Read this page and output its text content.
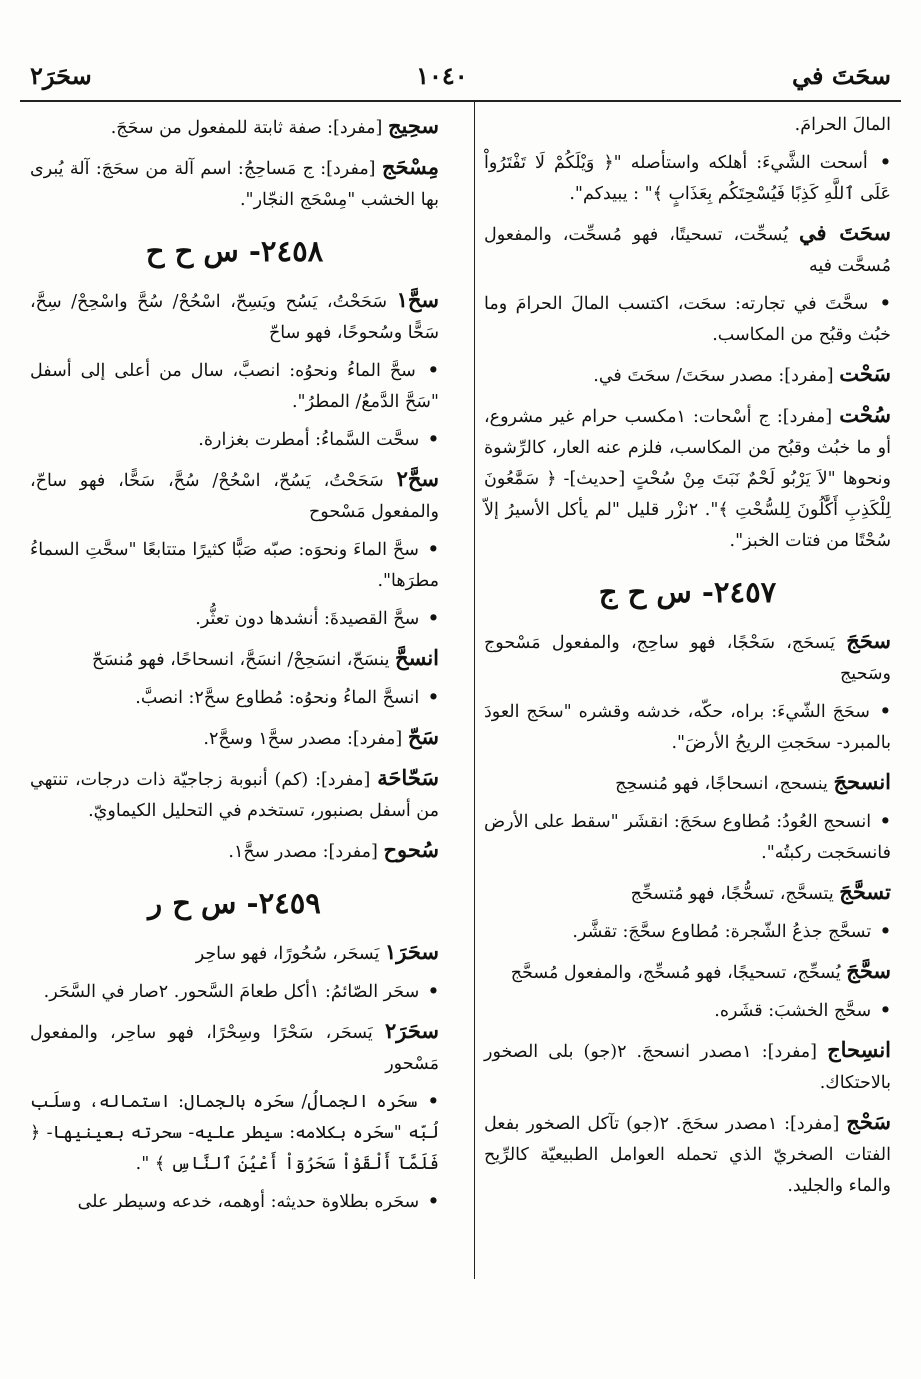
سحَرَ٢	١٠٤٠	سحَتَ في

المالَ الحرامَ.

• أسحت الشَّيءَ: أهلكه واستأصله "﴿ وَيْلَكُمْ لَا تَفْتَرُواْ عَلَى ٱللَّهِ كَذِبًا فَيُسْحِتَكُم بِعَذَابٍ ﴾" : يبيدكم".

سحَتَ في يُسحِّت، تسحيتًا، فهو مُسحِّت، والمفعول مُسحَّت فيه

• سحَّتَ في تجارته: سحَت، اكتسب المالَ الحرامَ وما خبُث وقبُح من المكاسب.

سَحْت [مفرد]: مصدر سحَتَ/ سحَتَ في.

سُحْت [مفرد]: ج أسْحات: ١مكسب حرام غير مشروع، أو ما خبُث وقبُح من المكاسب، فلزم عنه العار، كالرِّشوة ونحوها "لاَ يَرْبُو لَحْمٌ نَبَتَ مِنْ سُحْتٍ [حديث]- ﴿ سَمَّٰعُونَ لِلْكَذِبِ أَكَّٰلُونَ لِلسُّحْتِ ﴾". ٢نزْر قليل "لم يأكل الأسيرُ إلاّ سُحْتًا من فتات الخبز".

٢٤٥٧- س ح ج

سحَجَ يَسحَج، سَحْجًا، فهو ساحِج، والمفعول مَسْحوج وسَحيج

• سحَجَ الشّيءَ: براه، حكّه، خدشه وقشره "سحَج العودَ بالمبرد- سحَجتِ الريحُ الأرضَ".

انسحجَ ينسحج، انسحاجًا، فهو مُنسحِج

• انسحج العُودُ: مُطاوع سحَجَ: انقشَر "سقط على الأرض فانسحَجت ركبتُه".

تسحَّجَ يتسحَّج، تسحُّجًا، فهو مُتسحِّج

• تسحَّج جذعُ الشّجرة: مُطاوع سحَّجَ: تقشَّر.

سحَّجَ يُسحِّج، تسحيجًا، فهو مُسحِّج، والمفعول مُسحَّج

• سحَّج الخشبَ: قشَره.

انسِحاج [مفرد]: ١مصدر انسحجَ. ٢(جو) بلى الصخور بالاحتكاك.

سَحْج [مفرد]: ١مصدر سحَجَ. ٢(جو) تآكل الصخور بفعل الفتات الصخريّ الذي تحمله العوامل الطبيعيّة كالرِّيح والماء والجليد.

سحِيج [مفرد]: صفة ثابتة للمفعول من سحَجَ.

مِسْحَج [مفرد]: ج مَساحِجُ: اسم آلة من سحَجَ: آلة يُبرى بها الخشب "مِسْحَج النجّار".

٢٤٥٨- س ح ح

سحَّ١ سَحَحْتُ، يَسُح ويَسِحّ، اسْحُحْ/ سُحَّ واسْحِحْ/ سِحَّ، سَحًّا وسُحوحًا، فهو ساحّ

• سحَّ الماءُ ونحوُه: انصبَّ، سال من أعلى إلى أسفل "سَحَّ الدَّمعُ/ المطرُ".

• سحَّت السَّماءُ: أمطرت بغزارة.

سحَّ٢ سَحَحْتُ، يَسُحّ، اسْحُحْ/ سُحَّ، سَحًّا، فهو ساحّ، والمفعول مَسْحوح

• سحَّ الماءَ ونحوَه: صبّه صَبًّا كثيرًا متتابعًا "سحَّتِ السماءُ مطرَها".

• سحَّ القصيدةَ: أنشدها دون تعثُّر.

انسحَّ ينسَحّ، انسَحِحْ/ انسَحَّ، انسحاحًا، فهو مُنسَحّ

• انسحَّ الماءُ ونحوُه: مُطاوع سحَّ٢: انصبَّ.

سَحّ [مفرد]: مصدر سحَّ١ وسحَّ٢.

سَحّاحَة [مفرد]: (كم) أنبوبة زجاجيّة ذات درجات، تنتهي من أسفل بصنبور، تستخدم في التحليل الكيماويّ.

سُحوح [مفرد]: مصدر سحَّ١.

٢٤٥٩- س ح ر

سحَرَ١ يَسحَر، سُحُورًا، فهو ساحِر

• سحَر الصّائمُ: ١أكل طعامَ السَّحور. ٢صار في السَّحَر.

سحَرَ٢ يَسحَر، سَحْرًا وسِحْرًا، فهو ساحِر، والمفعول مَسْحور

• سحَره الجمالُ/ سحَره بالجمال: استماله، وسلَب لُبّه "سحَره بكلامه: سيطر عليه- سحرته بعينيها- ﴿ فَلَمَّآ أَلْقَوْاْ سَحَرُوٓاْ أَعْيُنَ ٱلنَّاسِ ﴾ ".

• سحَره بطلاوة حديثه: أوهمه، خدعه وسيطر على
